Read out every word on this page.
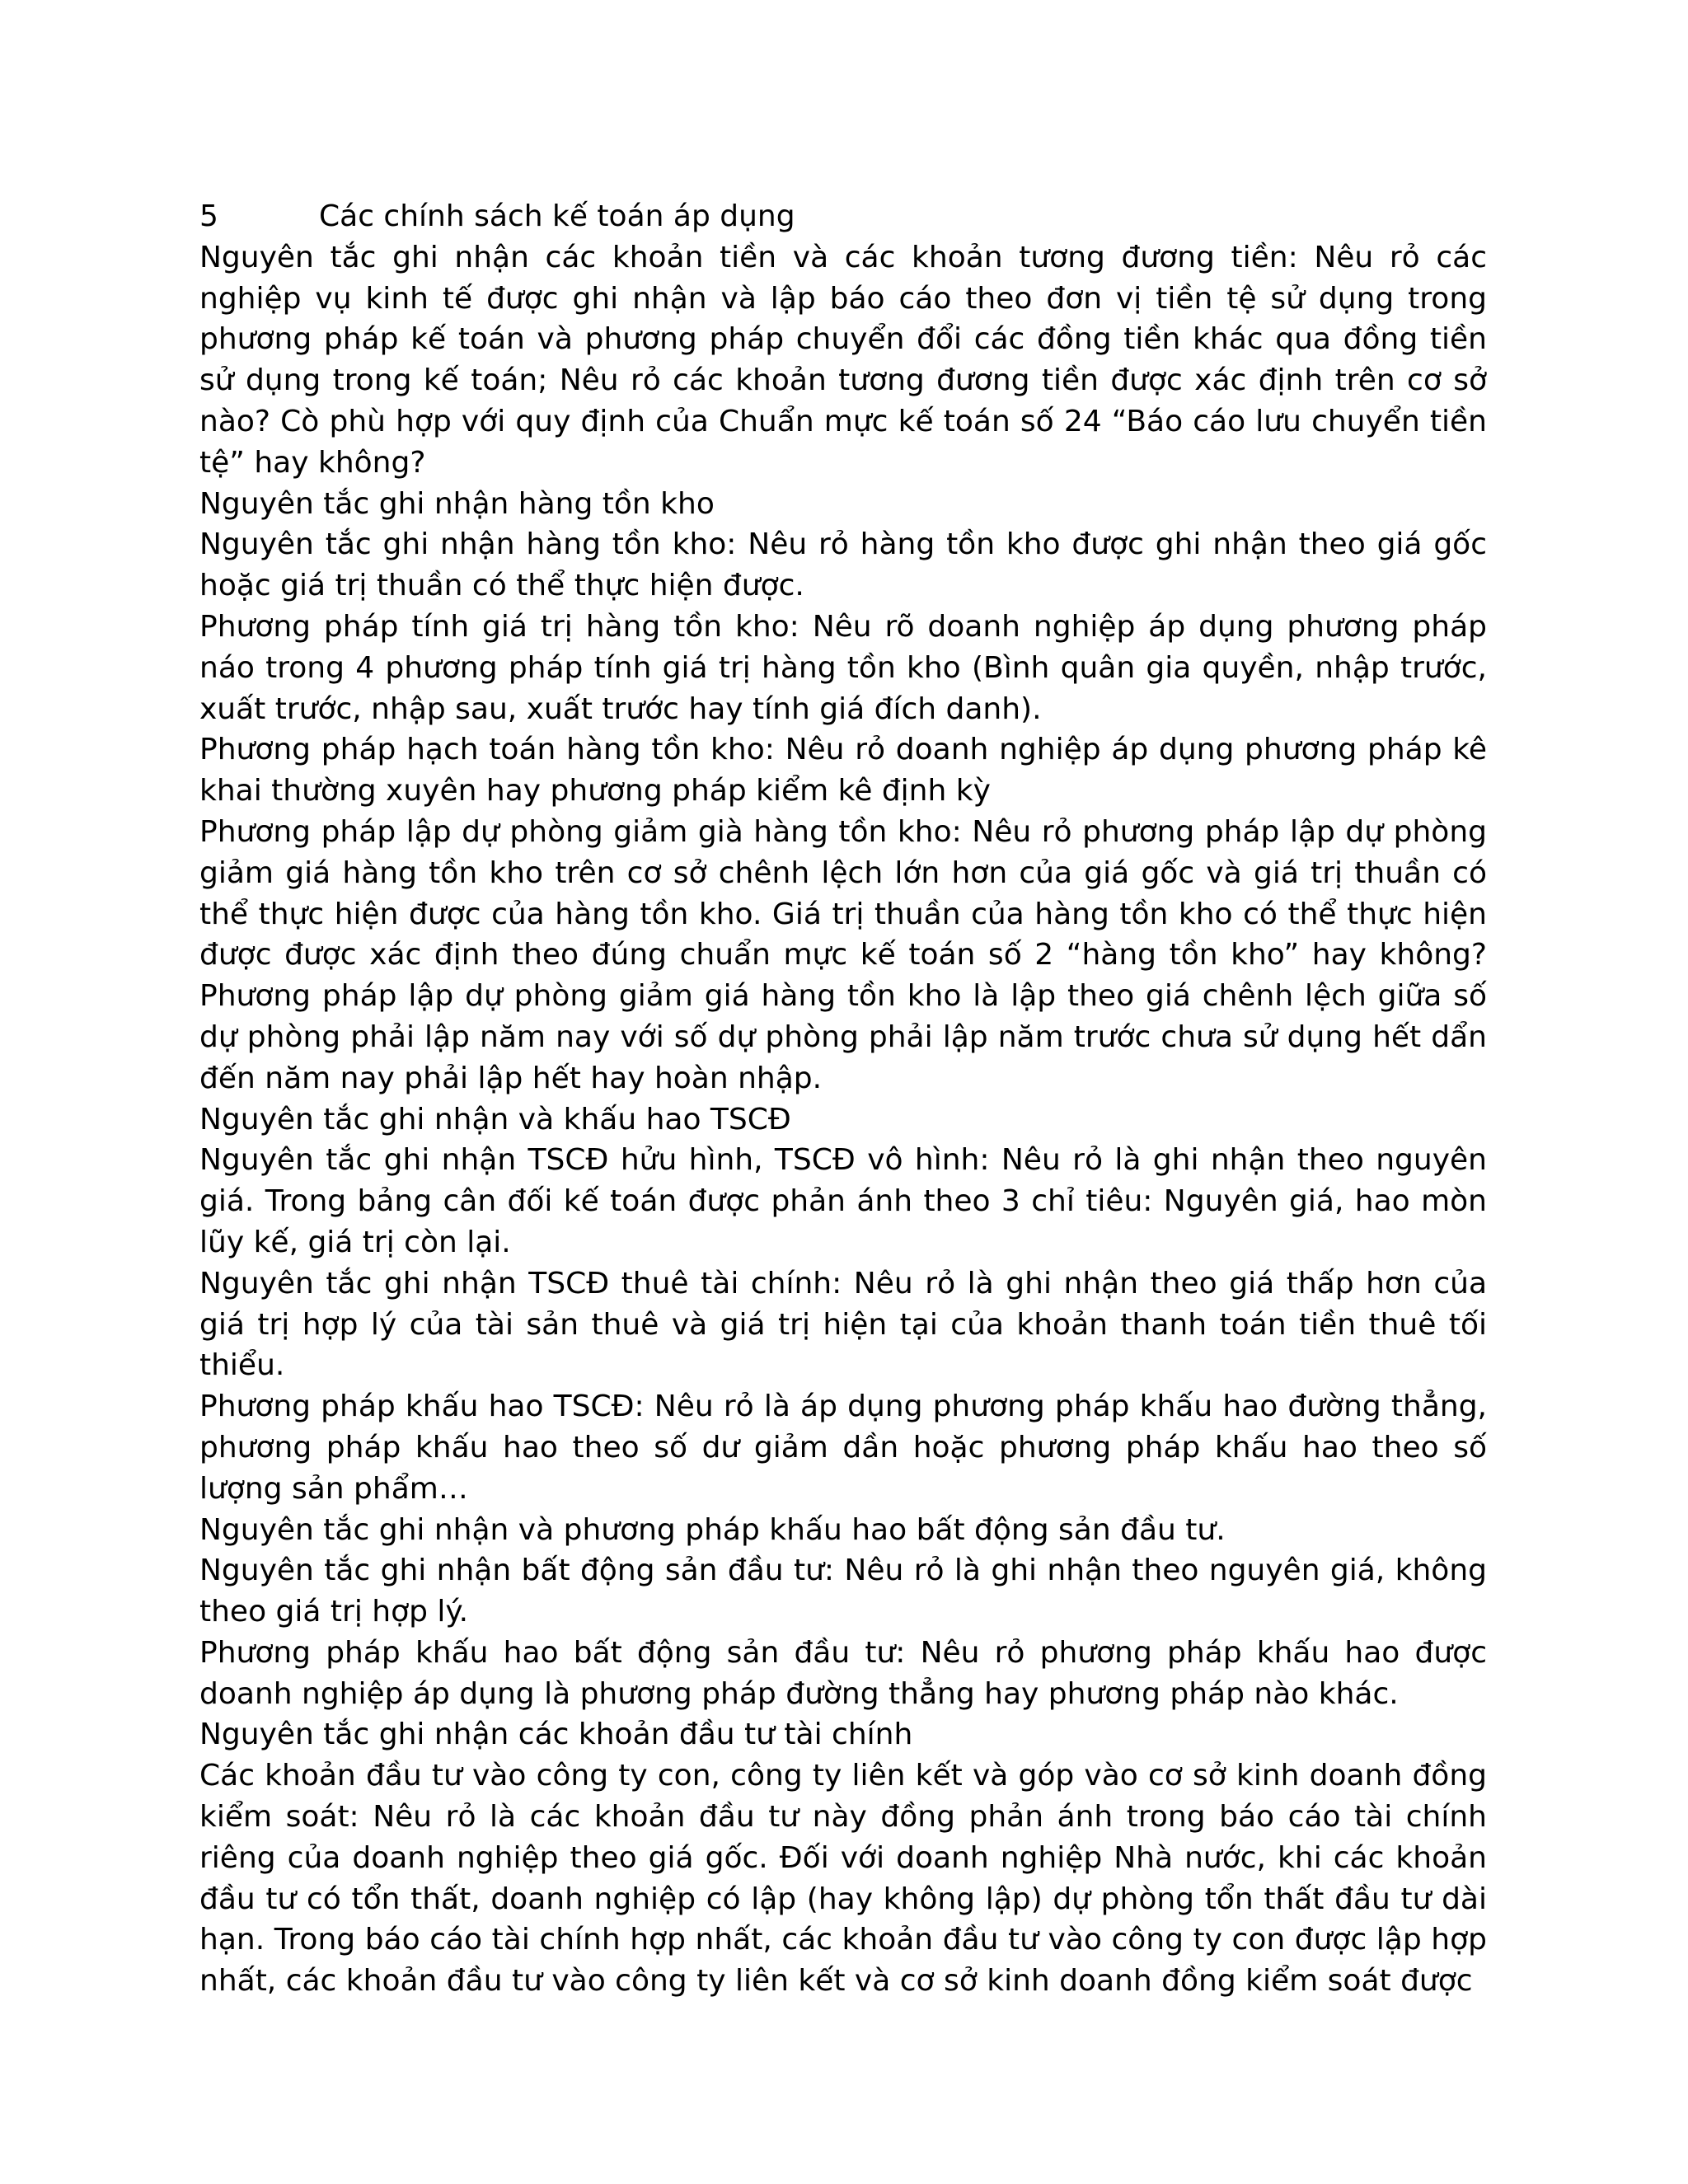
5	Các chính sách kế toán áp dụng

Nguyên tắc ghi nhận các khoản tiền và các khoản tương đương tiền: Nêu rỏ các nghiệp vụ kinh tế được ghi nhận và lập báo cáo theo đơn vị tiền tệ sử dụng trong phương pháp kế toán và phương pháp chuyển đổi các đồng tiền khác qua đồng tiền sử dụng trong kế toán; Nêu rỏ các khoản tương đương tiền được xác định trên cơ sở nào? Cò phù hợp với quy định của Chuẩn mực kế toán số 24 “Báo cáo lưu chuyển tiền tệ” hay không?

Nguyên tắc ghi nhận hàng tồn kho

Nguyên tắc ghi nhận hàng tồn kho: Nêu rỏ hàng tồn kho được ghi nhận theo giá gốc hoặc giá trị thuần có thể thực hiện được.

Phương pháp tính giá trị hàng tồn kho: Nêu rõ doanh nghiệp áp dụng phương pháp náo trong 4 phương pháp tính giá trị hàng tồn kho (Bình quân gia quyền, nhập trước, xuất trước, nhập sau, xuất trước hay tính giá đích danh).

Phương pháp hạch toán hàng tồn kho: Nêu rỏ doanh nghiệp áp dụng phương pháp kê khai thường xuyên hay phương pháp kiểm kê định kỳ

Phương pháp lập dự phòng giảm già hàng tồn kho: Nêu rỏ phương pháp lập dự phòng giảm giá hàng tồn kho trên cơ sở chênh lệch lớn hơn của giá gốc và giá trị thuần có thể thực hiện được của hàng tồn kho. Giá trị thuần của hàng tồn kho có thể thực hiện được được xác định theo đúng chuẩn mực kế toán số 2 “hàng tồn kho” hay không? Phương pháp lập dự phòng giảm giá hàng tồn kho là lập theo giá chênh lệch giữa số dự phòng phải lập năm nay với số dự phòng phải lập năm trước chưa sử dụng hết dẩn đến năm nay phải lập hết hay hoàn nhập.

Nguyên tắc ghi nhận và khấu hao TSCĐ

Nguyên tắc ghi nhận TSCĐ hửu hình, TSCĐ vô hình: Nêu rỏ là ghi nhận theo nguyên giá. Trong bảng cân đối kế toán được phản ánh theo 3 chỉ tiêu: Nguyên giá, hao mòn lũy kế, giá trị còn lại.

Nguyên tắc ghi nhận TSCĐ thuê tài chính: Nêu rỏ là ghi nhận theo giá thấp hơn của giá trị hợp lý của tài sản thuê và giá trị hiện tại của khoản thanh toán tiền thuê tối thiểu.

Phương pháp khấu hao TSCĐ: Nêu rỏ là áp dụng phương pháp khấu hao đường thẳng, phương pháp khấu hao theo số dư giảm dần hoặc phương pháp khấu hao theo số lượng sản phẩm…

Nguyên tắc ghi nhận và phương pháp khấu hao bất động sản đầu tư.

Nguyên tắc ghi nhận bất động sản đầu tư: Nêu rỏ là ghi nhận theo nguyên giá, không theo giá trị hợp lý.

Phương pháp khấu hao bất động sản đầu tư: Nêu rỏ phương pháp khấu hao được doanh nghiệp áp dụng là phương pháp đường thẳng hay phương pháp nào khác.

Nguyên tắc ghi nhận các khoản đầu tư tài chính

Các khoản đầu tư vào công ty con, công ty liên kết và góp vào cơ sở kinh doanh đồng kiểm soát: Nêu rỏ là các khoản đầu tư này đồng phản ánh trong báo cáo tài chính riêng của doanh nghiệp theo giá gốc. Đối với doanh nghiệp Nhà nước, khi các khoản đầu tư có tổn thất, doanh nghiệp có lập (hay không lập) dự phòng tổn thất đầu tư dài hạn. Trong báo cáo tài chính hợp nhất, các khoản đầu tư vào công ty con được lập hợp nhất, các khoản đầu tư vào công ty liên kết và cơ sở kinh doanh đồng kiểm soát được
